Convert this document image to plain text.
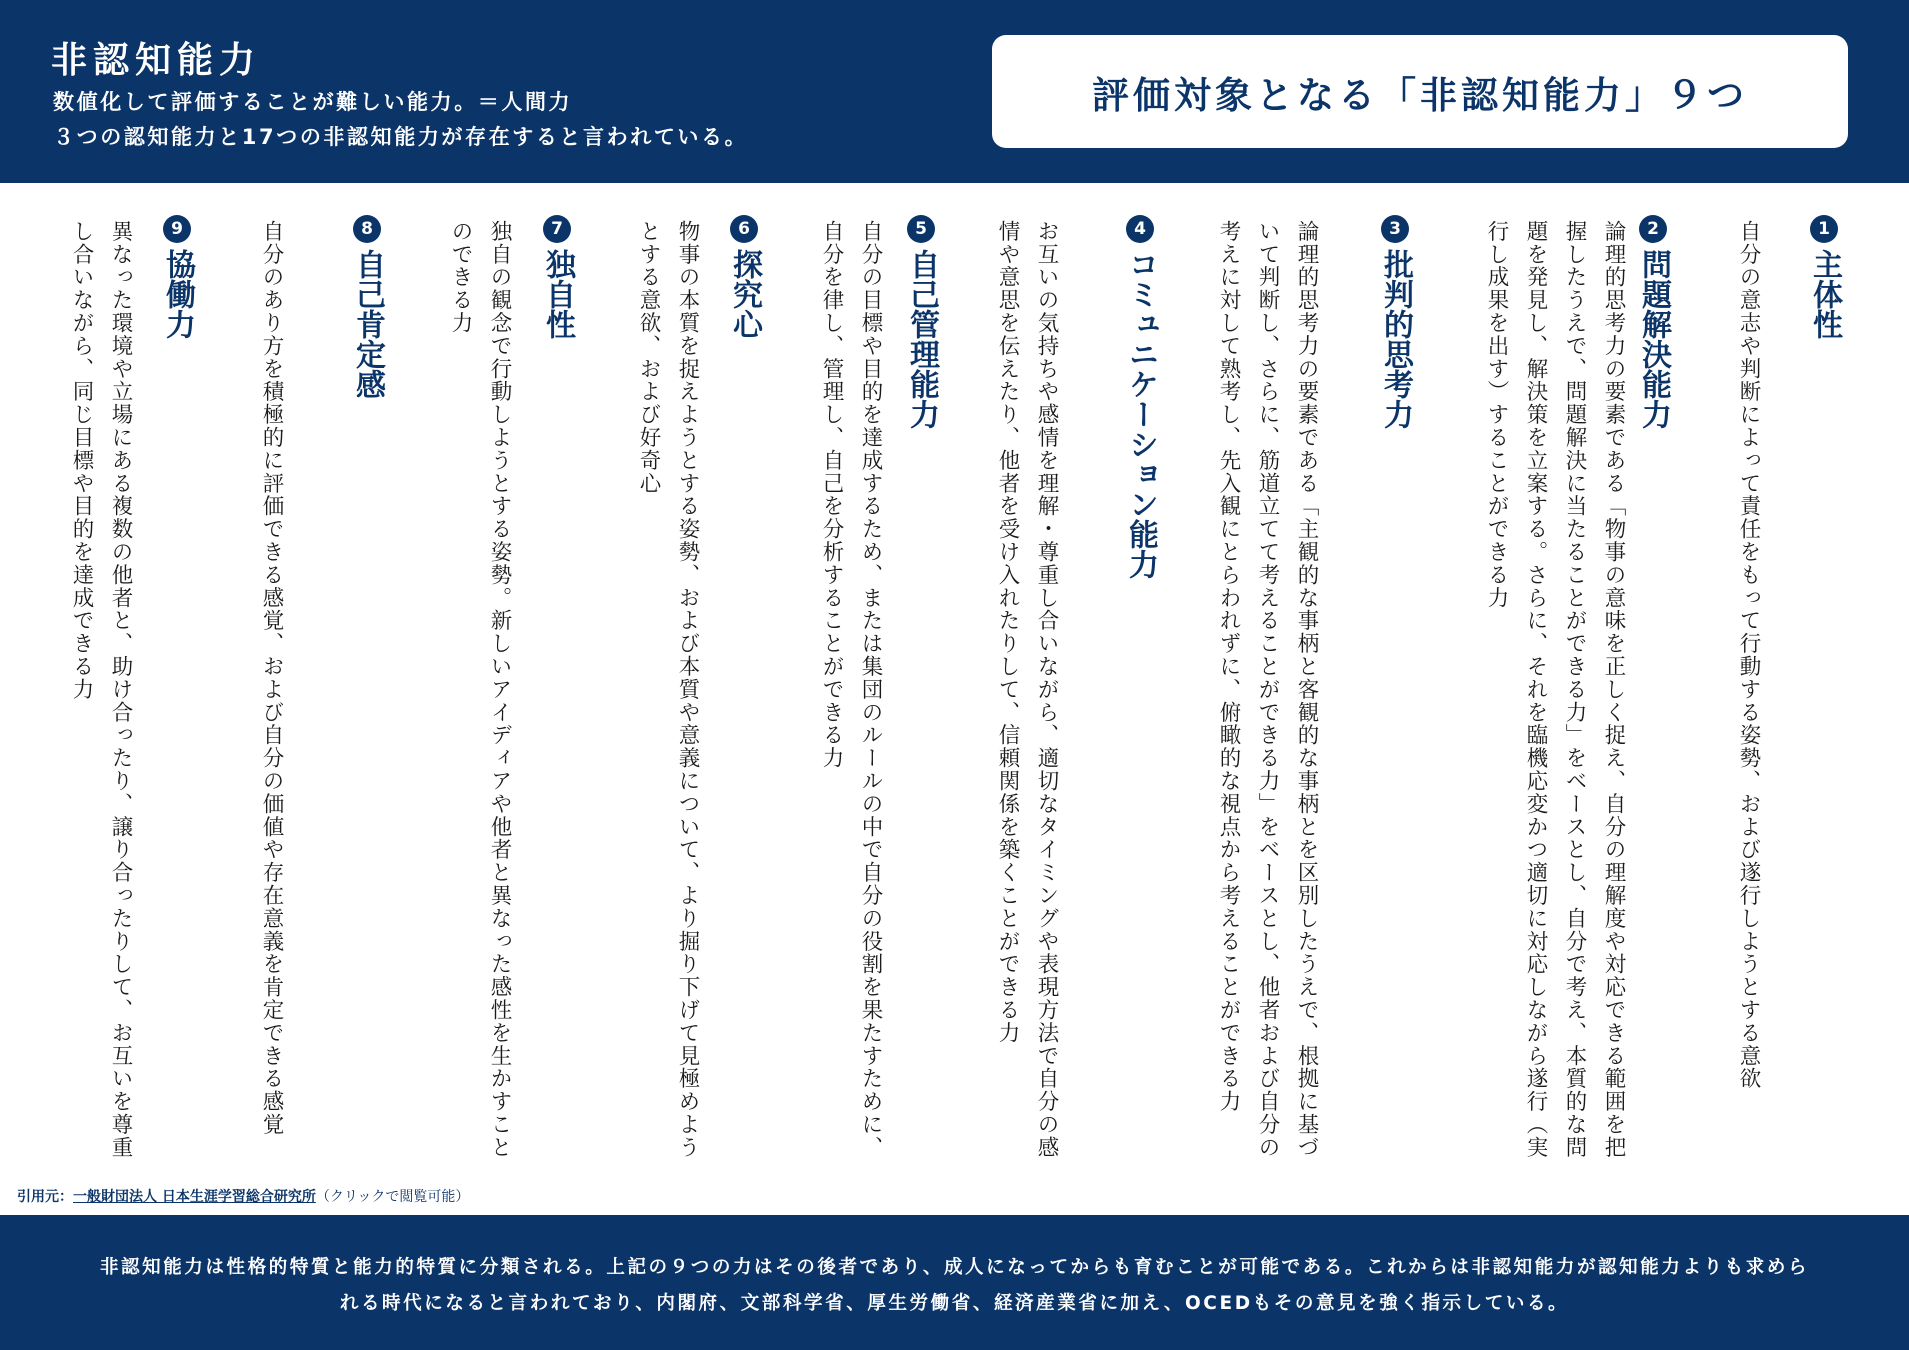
非認知能力
数値化して評価することが難しい能力。＝人間力
３つの認知能力と17つの非認知能力が存在すると言われている。
評価対象となる「非認知能力」９つ
1
主体性
自分の意志や判断によって責任をもって行動する姿勢、および遂行しようとする意欲
2
問題解決能力
論理的思考力の要素である「物事の意味を正しく捉え、自分の理解度や対応できる範囲を把握したうえで、問題解決に当たることができる力」をベースとし、自分で考え、本質的な問題を発見し、解決策を立案する。さらに、それを臨機応変かつ適切に対応しながら遂行（実行し成果を出す）することができる力
3
批判的思考力
論理的思考力の要素である「主観的な事柄と客観的な事柄とを区別したうえで、根拠に基づいて判断し、さらに、筋道立てて考えることができる力」をベースとし、他者および自分の考えに対して熟考し、先入観にとらわれずに、俯瞰的な視点から考えることができる力
4
コミュニケーション能力
お互いの気持ちや感情を理解・尊重し合いながら、適切なタイミングや表現方法で自分の感情や意思を伝えたり、他者を受け入れたりして、信頼関係を築くことができる力
5
自己管理能力
自分の目標や目的を達成するため、または集団のルールの中で自分の役割を果たすために、自分を律し、管理し、自己を分析することができる力
6
探究心
物事の本質を捉えようとする姿勢、および本質や意義について、より掘り下げて見極めようとする意欲、および好奇心
7
独自性
独自の観念で行動しようとする姿勢。新しいアイディアや他者と異なった感性を生かすことのできる力
8
自己肯定感
自分のあり方を積極的に評価できる感覚、および自分の価値や存在意義を肯定できる感覚
9
協働力
異なった環境や立場にある複数の他者と、助け合ったり、譲り合ったりして、お互いを尊重し合いながら、同じ目標や目的を達成できる力
引用元：一般財団法人 日本生涯学習総合研究所（クリックで閲覧可能）

非認知能力は性格的特質と能力的特質に分類される。上記の９つの力はその後者であり、成人になってからも育むことが可能である。これからは非認知能力が認知能力よりも求めら

れる時代になると言われており、内閣府、文部科学省、厚生労働省、経済産業省に加え、OCEDもその意見を強く指示している。
